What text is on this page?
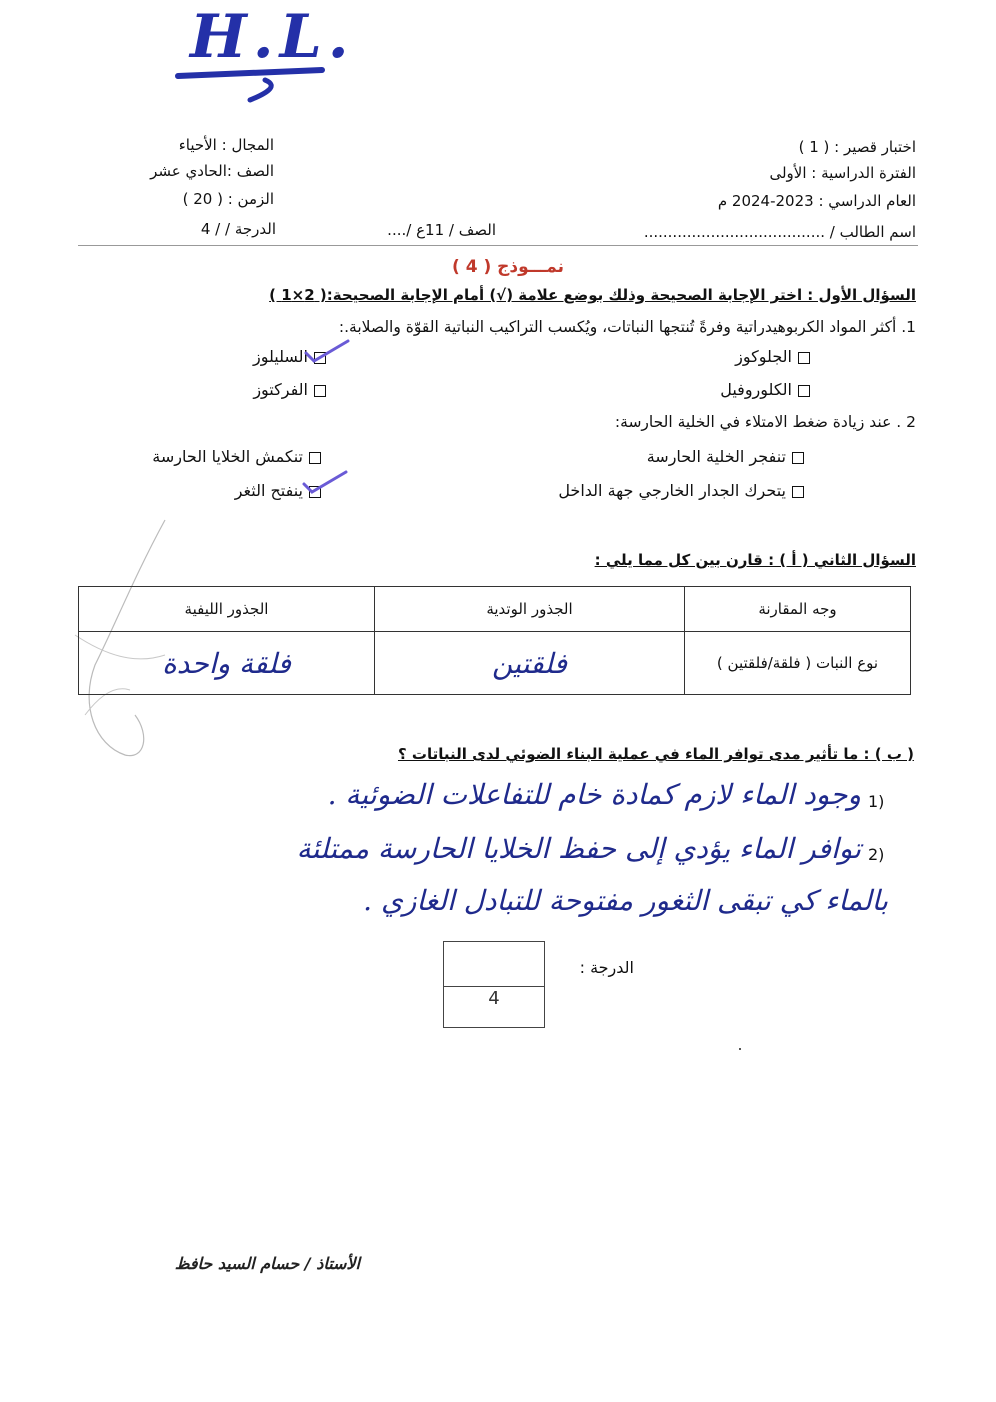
H.L.
اختبار قصير : ( 1 )
الفترة الدراسية : الأولى
العام الدراسي : 2023-2024 م
المجال : الأحياء
الصف :الحادي عشر
الزمن : ( 20 )
اسم الطالب / ......................................
الصف / 11ع /....
الدرجة / / 4
نمـــوذج ( 4 )
السؤال الأول : اختر الإجابة الصحيحة وذلك بوضع علامة (√) أمام الإجابة الصحيحة:( 2×1 )
1. أكثر المواد الكربوهيدراتية وفرةً تُنتجها النباتات، ويُكسب التراكيب النباتية القوّة والصلابة.:
الجلوكوز
السليلوز
الكلوروفيل
الفركتوز
2 . عند زيادة ضغط الامتلاء في الخلية الحارسة:
تنفجر الخلية الحارسة
تنكمش الخلايا الحارسة
يتحرك الجدار الخارجي جهة الداخل
ينفتح الثغر
السؤال الثاني ( أ ) : قارن بين كل مما يلي :
وجه المقارنة	الجذور الوتدية	الجذور الليفية
نوع النبات ( فلقة/فلقتين )	فلقتين	فلقة واحدة
( ب ) : ما تأثير مدى توافر الماء في عملية البناء الضوئي لدى النباتات ؟
1)
وجود الماء لازم كمادة خام للتفاعلات الضوئية .
2)
توافر الماء يؤدي إلى حفظ الخلايا الحارسة ممتلئة
بالماء كي تبقى الثغور مفتوحة للتبادل الغازي .
الدرجة :
4
الأستاذ / حسام السيد حافظ
